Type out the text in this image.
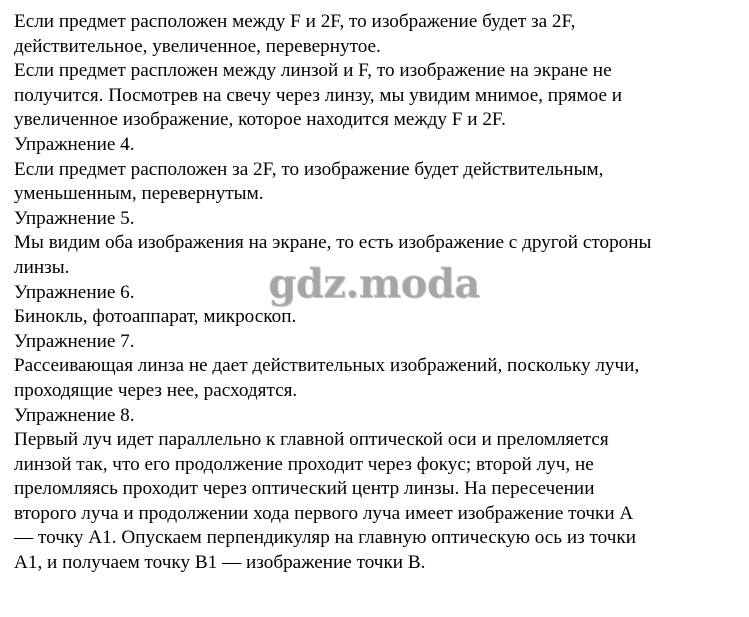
Если предмет расположен между F и 2F, то изображение будет за 2F,
действительное, увеличенное, перевернутое.
Если предмет распложен между линзой и F, то изображение на экране не
получится. Посмотрев на свечу через линзу, мы увидим мнимое, прямое и
увеличенное изображение, которое находится между F и 2F.
Упражнение 4.
Если предмет расположен за 2F, то изображение будет действительным,
уменьшенным, перевернутым.
Упражнение 5.
Мы видим оба изображения на экране, то есть изображение с другой стороны
линзы.
Упражнение 6.
Бинокль, фотоаппарат, микроскоп.
Упражнение 7.
Рассеивающая линза не дает действительных изображений, поскольку лучи,
проходящие через нее, расходятся.
Упражнение 8.
Первый луч идет параллельно к главной оптической оси и преломляется
линзой так, что его продолжение проходит через фокус; второй луч, не
преломляясь проходит через оптический центр линзы. На пересечении
второго луча и продолжении хода первого луча имеет изображение точки А
— точку А1. Опускаем перпендикуляр на главную оптическую ось из точки
А1, и получаем точку В1 — изображение точки В.
gdz.moda
